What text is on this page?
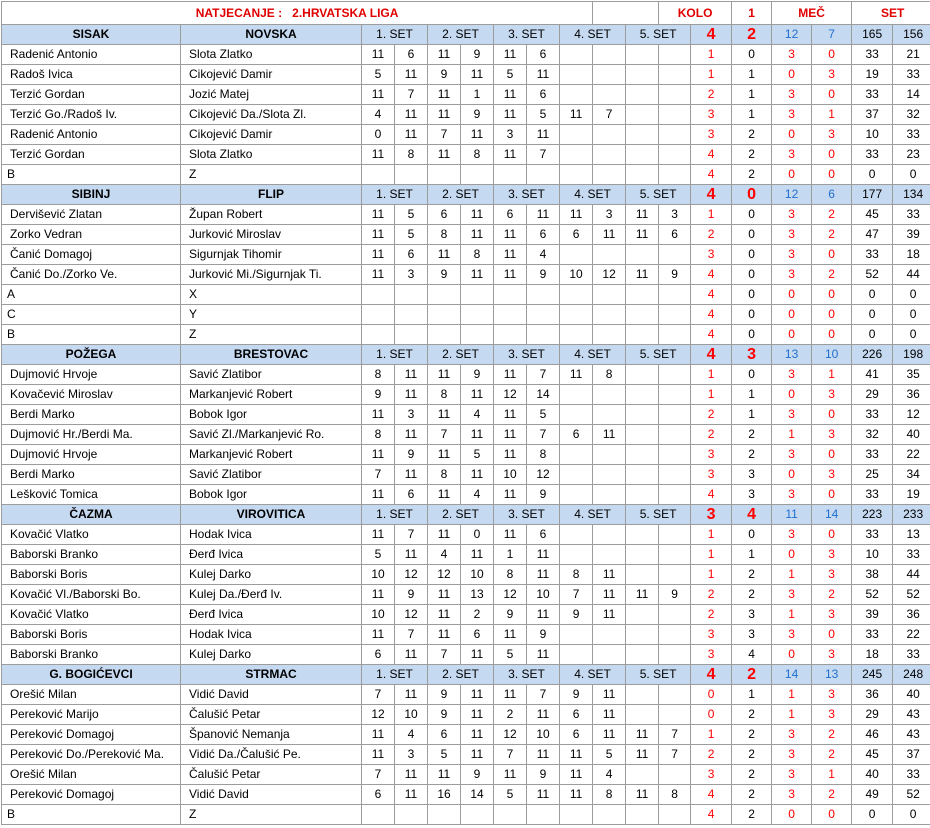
NATJECANJE : 2.HRVATSKA LIGA											KOLO		1	MEČ		SET	
SISAK	NOVSKA	1. SET		2. SET		3. SET		4. SET		5. SET		4	2	12	7	165	156	
Radenić Antonio	Slota Zlatko	11	6	11	9	11	6					1	0	3	0	33	21	
Radoš Ivica	Cikojević Damir	5	11	9	11	5	11					1	1	0	3	19	33	
Terzić Gordan	Jozić Matej	11	7	11	1	11	6					2	1	3	0	33	14	
Terzić Go./Radoš Iv.	Cikojević Da./Slota Zl.	4	11	11	9	11	5	11	7			3	1	3	1	37	32	
Radenić Antonio	Cikojević Damir	0	11	7	11	3	11					3	2	0	3	10	33	
Terzić Gordan	Slota Zlatko	11	8	11	8	11	7					4	2	3	0	33	23	
B	Z											4	2	0	0	0	0	
SIBINJ	FLIP	1. SET		2. SET		3. SET		4. SET		5. SET		4	0	12	6	177	134	
Dervišević Zlatan	Župan Robert	11	5	6	11	6	11	11	3	11	3	1	0	3	2	45	33	
Zorko Vedran	Jurković Miroslav	11	5	8	11	11	6	6	11	11	6	2	0	3	2	47	39	
Čanić Domagoj	Sigurnjak Tihomir	11	6	11	8	11	4					3	0	3	0	33	18	
Čanić Do./Zorko Ve.	Jurković Mi./Sigurnjak Ti.	11	3	9	11	11	9	10	12	11	9	4	0	3	2	52	44	
A	X											4	0	0	0	0	0	
C	Y											4	0	0	0	0	0	
B	Z											4	0	0	0	0	0	
POŽEGA	BRESTOVAC	1. SET		2. SET		3. SET		4. SET		5. SET		4	3	13	10	226	198	
Dujmović Hrvoje	Savić Zlatibor	8	11	11	9	11	7	11	8			1	0	3	1	41	35	
Kovačević Miroslav	Markanjević Robert	9	11	8	11	12	14					1	1	0	3	29	36	
Berdi Marko	Bobok Igor	11	3	11	4	11	5					2	1	3	0	33	12	
Dujmović Hr./Berdi Ma.	Savić Zl./Markanjević Ro.	8	11	7	11	11	7	6	11			2	2	1	3	32	40	
Dujmović Hrvoje	Markanjević Robert	11	9	11	5	11	8					3	2	3	0	33	22	
Berdi Marko	Savić Zlatibor	7	11	8	11	10	12					3	3	0	3	25	34	
Lešković Tomica	Bobok Igor	11	6	11	4	11	9					4	3	3	0	33	19	
ČAZMA	VIROVITICA	1. SET		2. SET		3. SET		4. SET		5. SET		3	4	11	14	223	233	
Kovačić Vlatko	Hodak Ivica	11	7	11	0	11	6					1	0	3	0	33	13	
Baborski Branko	Đerđ Ivica	5	11	4	11	1	11					1	1	0	3	10	33	
Baborski Boris	Kulej Darko	10	12	12	10	8	11	8	11			1	2	1	3	38	44	
Kovačić Vl./Baborski Bo.	Kulej Da./Đerđ Iv.	11	9	11	13	12	10	7	11	11	9	2	2	3	2	52	52	
Kovačić Vlatko	Đerđ Ivica	10	12	11	2	9	11	9	11			2	3	1	3	39	36	
Baborski Boris	Hodak Ivica	11	7	11	6	11	9					3	3	3	0	33	22	
Baborski Branko	Kulej Darko	6	11	7	11	5	11					3	4	0	3	18	33	
G. BOGIĆEVCI	STRMAC	1. SET		2. SET		3. SET		4. SET		5. SET		4	2	14	13	245	248	
Orešić Milan	Vidić David	7	11	9	11	11	7	9	11			0	1	1	3	36	40	
Pereković Marijo	Čalušić Petar	12	10	9	11	2	11	6	11			0	2	1	3	29	43	
Pereković Domagoj	Španović Nemanja	11	4	6	11	12	10	6	11	11	7	1	2	3	2	46	43	
Pereković Do./Pereković Ma.	Vidić Da./Čalušić Pe.	11	3	5	11	7	11	11	5	11	7	2	2	3	2	45	37	
Orešić Milan	Čalušić Petar	7	11	11	9	11	9	11	4			3	2	3	1	40	33	
Pereković Domagoj	Vidić David	6	11	16	14	5	11	11	8	11	8	4	2	3	2	49	52	
B	Z											4	2	0	0	0	0	
